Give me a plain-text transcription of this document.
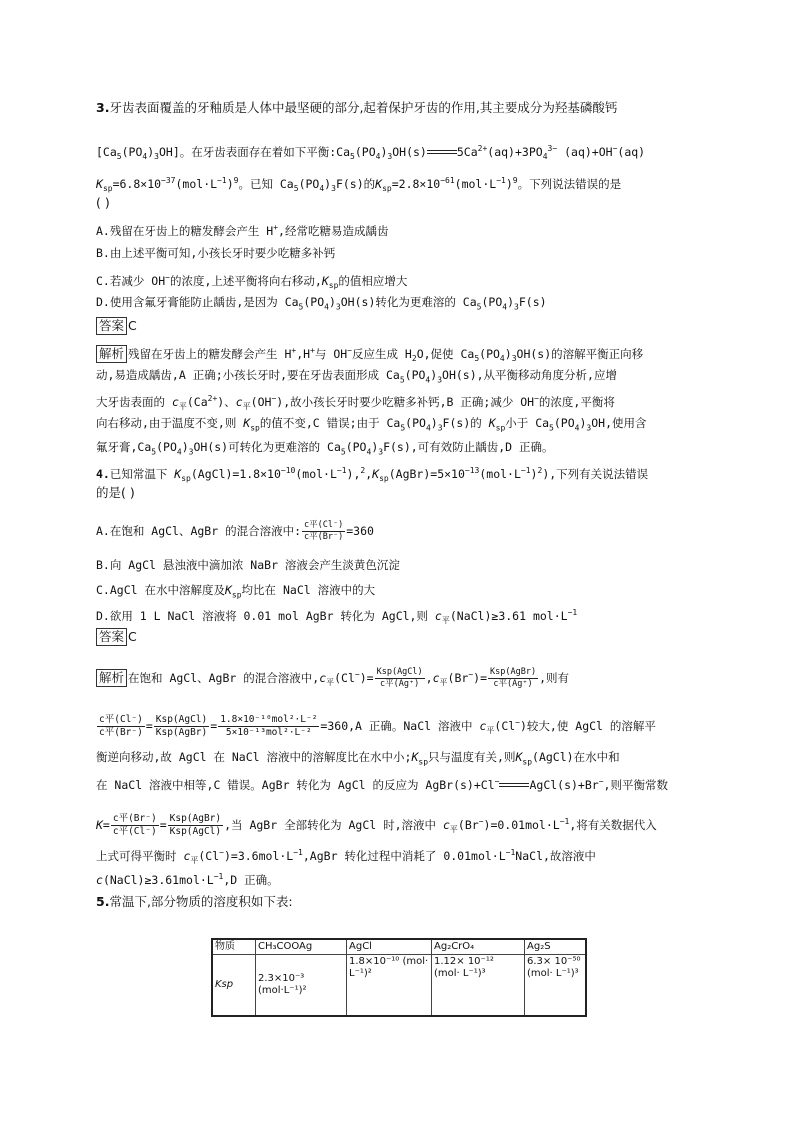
3.牙齿表面覆盖的牙釉质是人体中最坚硬的部分,起着保护牙齿的作用,其主要成分为羟基磷酸钙
$[Ca_5(PO_4)_3OH]$。在牙齿表面存在着如下平衡$:Ca_5(PO_4)_3OH(s)$	$5Ca^{2+}(aq)+3PO_4^{3-}$ (aq)+OH−(aq)
$K_{sp}=6.8\times 10^{-37}(mol\cdot L^{-1})^9$。已知 $Ca_5(PO_4)_3F(s)$的$K_{sp}=2.8\times 10^{-61}(mol\cdot L^{-1})^9$。下列说法错误的是
( )
A.残留在牙齿上的糖发酵会产生 H+,经常吃糖易造成龋齿
B.由上述平衡可知,小孩长牙时要少吃糖多补钙
C.若减少 OH−的浓度,上述平衡将向右移动$,K_{sp}$的值相应增大
D.使用含氟牙膏能防止龋齿,是因为 $Ca_5(PO_4)_3OH(s)$转化为更难溶的 $Ca_5(PO_4)_3F(s)$
答案 C
解析 残留在牙齿上的糖发酵会产生 H+,H+与 OH−反应生成 $H_2O$,促使 $Ca_5(PO_4)_3OH(s)$的溶解平衡正向移
动,易造成龋齿,A 正确;小孩长牙时,要在牙齿表面形成 $Ca_5(PO_4)_3OH(s)$,从平衡移动角度分析,应增
大牙齿表面的 $c_平(Ca^{2+})$、$c_平(OH^-)$,故小孩长牙时要少吃糖多补钙,B 正确;减少 OH−的浓度,平衡将
向右移动,由于温度不变,则 $K_{sp}$的值不变,C 错误;由于 $Ca_5(PO_4)_3F(s)$的 $K_{sp}$小于 $Ca_5(PO_4)_3OH$,使用含
氟牙膏$,Ca_5(PO_4)_3OH(s)$可转化为更难溶的 $Ca_5(PO_4)_3F(s)$,可有效防止龋齿,D 正确。
4.已知常温下 $K_{sp}(AgCl)=1.8\times 10^{-10}(mol\cdot L^{-1}),^2,K_{sp}(AgBr)=5\times 10^{-13}(mol\cdot L^{-1})^2$),下列有关说法错误
的是( )
A.在饱和 AgCl、AgBr 的混合溶液中: $\frac{\text{c平(Cl⁻)}}{\text{c平(Br⁻)}} =360$
B.向 AgCl 悬浊液中滴加浓 NaBr 溶液会产生淡黄色沉淀
C.AgCl 在水中溶解度及$K_{sp}$均比在 NaCl 溶液中的大
D.欲用 1 L NaCl 溶液将 0.01 mol AgBr 转化为 AgCl,则 $c_平(NaCl)\ge 3.61$ $mol\cdot L^{-1}$
答案 C
解析 在饱和 AgCl、AgBr 的混合溶液中$,c_平(Cl^-)= \frac{\text{Ksp(AgCl)}}{\text{c平(Ag⁺)}} ,c_平(Br^-)= \frac{\text{Ksp(AgBr)}}{\text{c平(Ag⁺)}}$ ,则有
$\frac{\text{c平(Cl⁻)}}{\text{c平(Br⁻)}} = \frac{\text{Ksp(AgCl)}}{\text{Ksp(AgBr)}} = \frac{\text{1.8×10⁻¹⁰mol²·L⁻²}}{\text{5×10⁻¹³mol²·L⁻²}} =360,A$ 正确。NaCl 溶液中 $c_平(Cl^-)$较大,使 AgCl 的溶解平
衡逆向移动,故 AgCl 在 NaCl 溶液中的溶解度比在水中小$;K_{sp}$只与温度有关,则$K_{sp}(AgCl)$在水中和
在 NaCl 溶液中相等,C 错误。AgBr 转化为 AgCl 的反应为 AgBr(s)+Cl−	AgCl(s)+Br−,则平衡常数
$K= \frac{\text{c平(Br⁻)}}{\text{c平(Cl⁻)}} = \frac{\text{Ksp(AgBr)}}{\text{Ksp(AgCl)}}$ ,当 AgBr 全部转化为 AgCl 时,溶液中 $c_平(Br^-)=0.01mol\cdot L^{-1}$,将有关数据代入
上式可得平衡时 $c_平(Cl^-)=3.6mol\cdot L^{-1},AgBr$ 转化过程中消耗了 $0.01mol\cdot L^{-1}NaCl$,故溶液中
$c(NaCl)\ge 3.61mol\cdot L^{-1},D$ 正确。
5.常温下,部分物质的溶度积如下表:
物质	CH₃COOAg	AgCl	Ag₂CrO₄	Ag₂S
Ksp	2.3×10⁻³ (mol·L⁻¹)²	1.8×10⁻¹⁰ (mol· L⁻¹)²	1.12× 10⁻¹² (mol· L⁻¹)³	6.3× 10⁻⁵⁰ (mol· L⁻¹)³
